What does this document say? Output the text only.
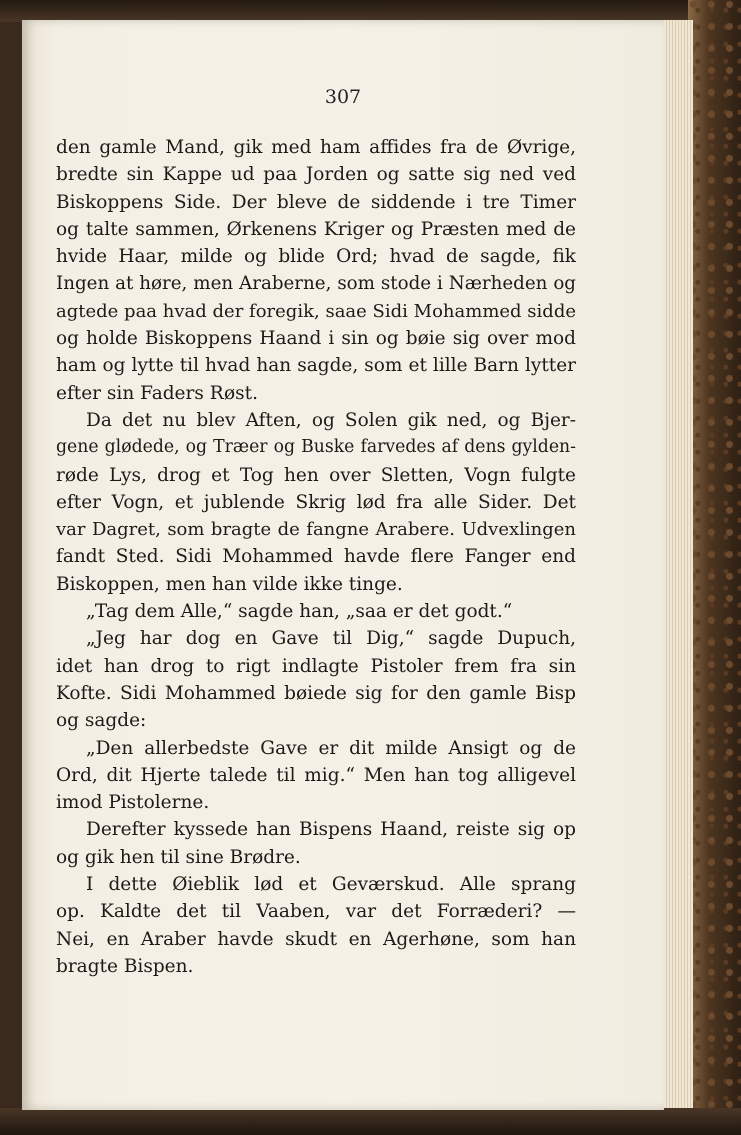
307

den gamle Mand, gik med ham affides fra de Øvrige,

bredte sin Kappe ud paa Jorden og satte sig ned ved

Biskoppens Side. Der bleve de siddende i tre Timer

og talte sammen, Ørkenens Kriger og Præsten med de

hvide Haar, milde og blide Ord; hvad de sagde, fik

Ingen at høre, men Araberne, som stode i Nærheden og

agtede paa hvad der foregik, saae Sidi Mohammed sidde

og holde Biskoppens Haand i sin og bøie sig over mod

ham og lytte til hvad han sagde, som et lille Barn lytter

efter sin Faders Røst.

Da det nu blev Aften, og Solen gik ned, og Bjer-

gene glødede, og Træer og Buske farvedes af dens gylden-

røde Lys, drog et Tog hen over Sletten, Vogn fulgte

efter Vogn, et jublende Skrig lød fra alle Sider. Det

var Dagret, som bragte de fangne Arabere. Udvexlingen

fandt Sted. Sidi Mohammed havde flere Fanger end

Biskoppen, men han vilde ikke tinge.

„Tag dem Alle,“ sagde han, „saa er det godt.“

„Jeg har dog en Gave til Dig,“ sagde Dupuch,

idet han drog to rigt indlagte Pistoler frem fra sin

Kofte. Sidi Mohammed bøiede sig for den gamle Bisp

og sagde:

„Den allerbedste Gave er dit milde Ansigt og de

Ord, dit Hjerte talede til mig.“ Men han tog alligevel

imod Pistolerne.

Derefter kyssede han Bispens Haand, reiste sig op

og gik hen til sine Brødre.

I dette Øieblik lød et Geværskud. Alle sprang

op. Kaldte det til Vaaben, var det Forræderi? —

Nei, en Araber havde skudt en Agerhøne, som han

bragte Bispen.
